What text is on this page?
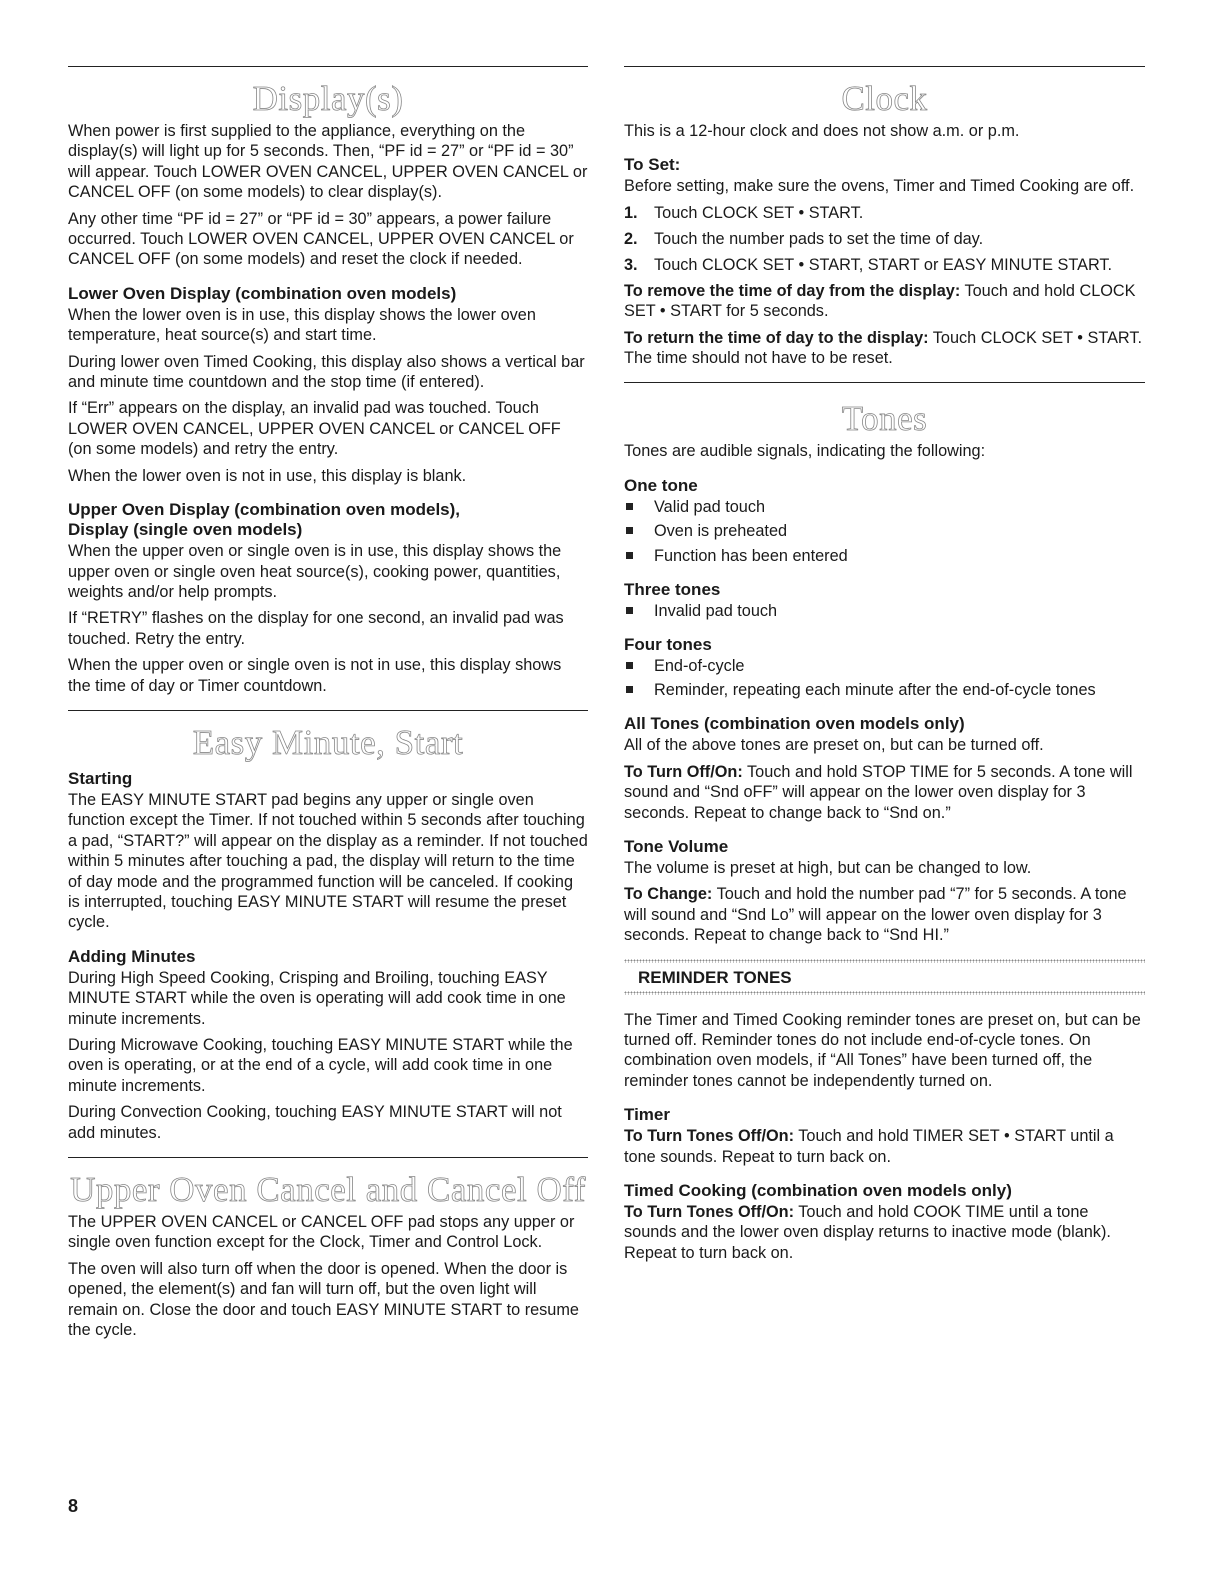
Display(s)

When power is first supplied to the appliance, everything on the display(s) will light up for 5 seconds. Then, “PF id = 27” or “PF id = 30” will appear. Touch LOWER OVEN CANCEL, UPPER OVEN CANCEL or CANCEL OFF (on some models) to clear display(s).

Any other time “PF id = 27” or “PF id = 30” appears, a power failure occurred. Touch LOWER OVEN CANCEL, UPPER OVEN CANCEL or CANCEL OFF (on some models) and reset the clock if needed.

Lower Oven Display (combination oven models)

When the lower oven is in use, this display shows the lower oven temperature, heat source(s) and start time.

During lower oven Timed Cooking, this display also shows a vertical bar and minute time countdown and the stop time (if entered).

If “Err” appears on the display, an invalid pad was touched. Touch LOWER OVEN CANCEL, UPPER OVEN CANCEL or CANCEL OFF (on some models) and retry the entry.

When the lower oven is not in use, this display is blank.

Upper Oven Display (combination oven models), Display (single oven models)

When the upper oven or single oven is in use, this display shows the upper oven or single oven heat source(s), cooking power, quantities, weights and/or help prompts.

If “RETRY” flashes on the display for one second, an invalid pad was touched. Retry the entry.

When the upper oven or single oven is not in use, this display shows the time of day or Timer countdown.

Easy Minute, Start
Starting

The EASY MINUTE START pad begins any upper or single oven function except the Timer. If not touched within 5 seconds after touching a pad, “START?” will appear on the display as a reminder. If not touched within 5 minutes after touching a pad, the display will return to the time of day mode and the programmed function will be canceled. If cooking is interrupted, touching EASY MINUTE START will resume the preset cycle.

Adding Minutes

During High Speed Cooking, Crisping and Broiling, touching EASY MINUTE START while the oven is operating will add cook time in one minute increments.

During Microwave Cooking, touching EASY MINUTE START while the oven is operating, or at the end of a cycle, will add cook time in one minute increments.

During Convection Cooking, touching EASY MINUTE START will not add minutes.

Upper Oven Cancel and Cancel Off

The UPPER OVEN CANCEL or CANCEL OFF pad stops any upper or single oven function except for the Clock, Timer and Control Lock.

The oven will also turn off when the door is opened. When the door is opened, the element(s) and fan will turn off, but the oven light will remain on. Close the door and touch EASY MINUTE START to resume the cycle.

Clock

This is a 12-hour clock and does not show a.m. or p.m.

To Set:

Before setting, make sure the ovens, Timer and Timed Cooking are off.

1. Touch CLOCK SET • START.
2. Touch the number pads to set the time of day.
3. Touch CLOCK SET • START, START or EASY MINUTE START.

To remove the time of day from the display: Touch and hold CLOCK SET • START for 5 seconds.

To return the time of day to the display: Touch CLOCK SET • START. The time should not have to be reset.

Tones

Tones are audible signals, indicating the following:

One tone
Valid pad touch
Oven is preheated
Function has been entered
Three tones
Invalid pad touch
Four tones
End-of-cycle
Reminder, repeating each minute after the end-of-cycle tones
All Tones (combination oven models only)

All of the above tones are preset on, but can be turned off.

To Turn Off/On: Touch and hold STOP TIME for 5 seconds. A tone will sound and “Snd oFF” will appear on the lower oven display for 3 seconds. Repeat to change back to “Snd on.”

Tone Volume

The volume is preset at high, but can be changed to low.

To Change: Touch and hold the number pad “7” for 5 seconds. A tone will sound and “Snd Lo” will appear on the lower oven display for 3 seconds. Repeat to change back to “Snd HI.”

REMINDER TONES

The Timer and Timed Cooking reminder tones are preset on, but can be turned off. Reminder tones do not include end-of-cycle tones. On combination oven models, if “All Tones” have been turned off, the reminder tones cannot be independently turned on.

Timer

To Turn Tones Off/On: Touch and hold TIMER SET • START until a tone sounds. Repeat to turn back on.

Timed Cooking (combination oven models only)

To Turn Tones Off/On: Touch and hold COOK TIME until a tone sounds and the lower oven display returns to inactive mode (blank). Repeat to turn back on.

8
